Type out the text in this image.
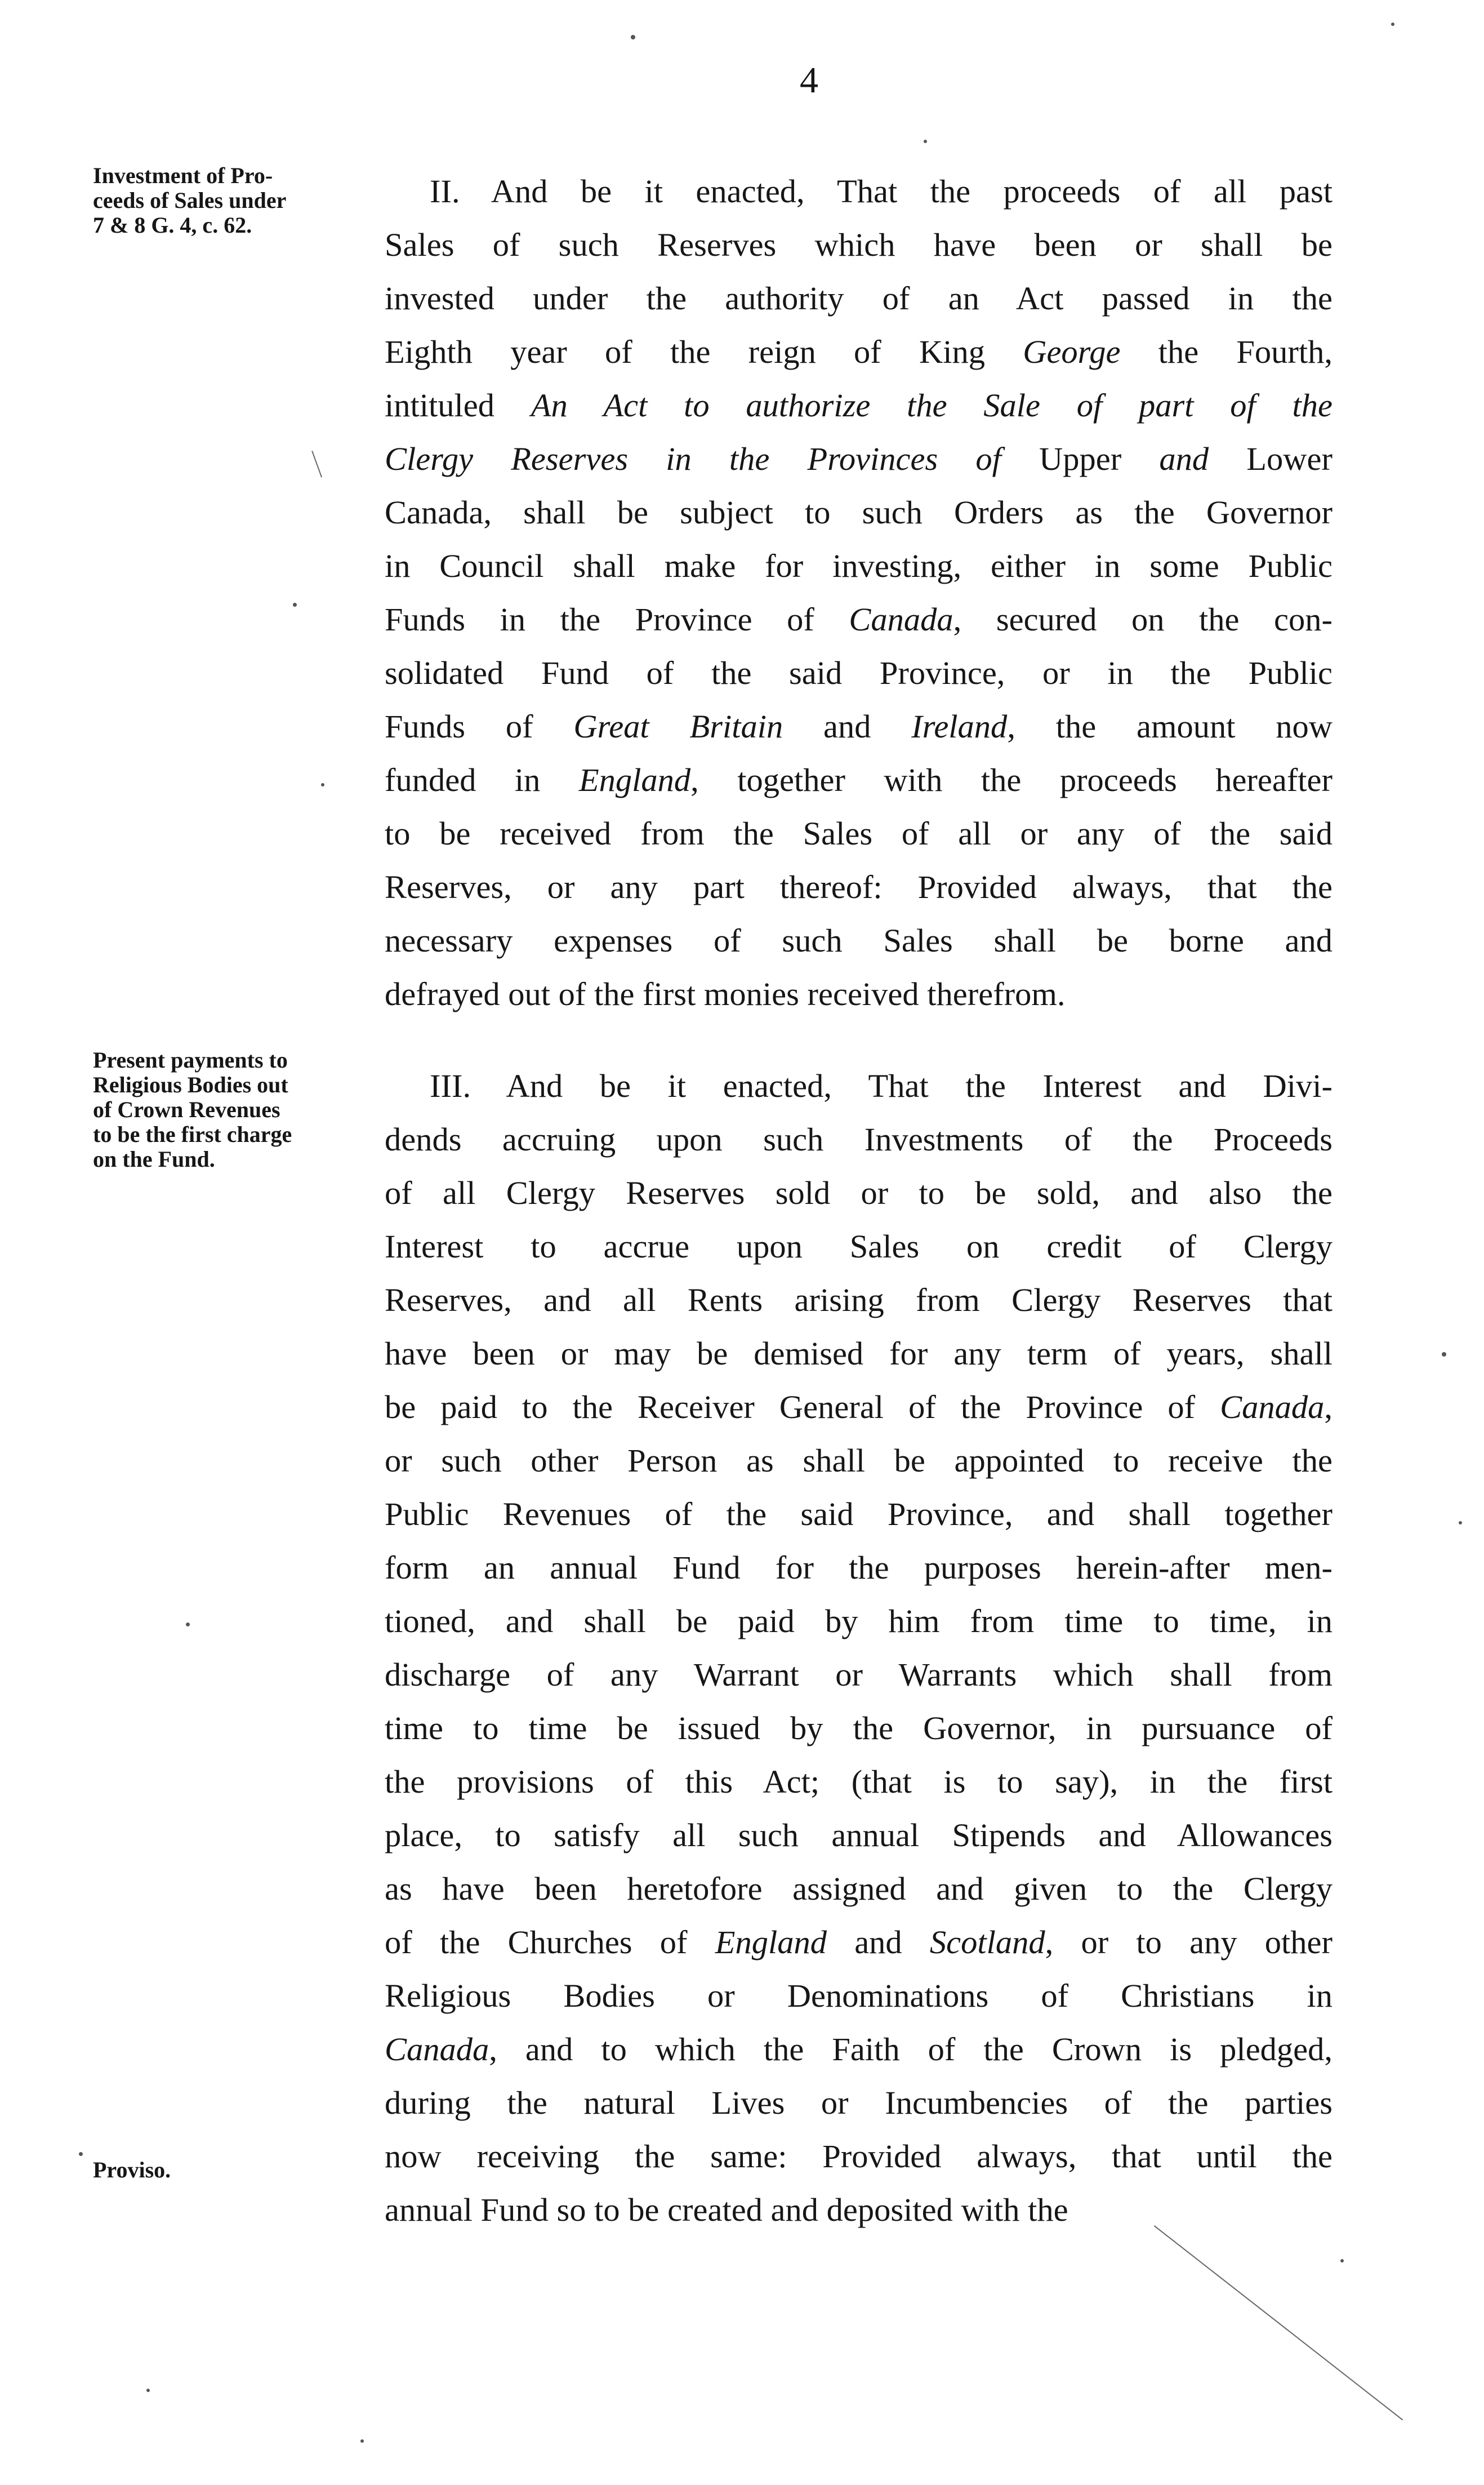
4
Investment of Pro-
ceeds of Sales under
7 & 8 G. 4, c. 62.
Present payments to
Religious Bodies out
of Crown Revenues
to be the first charge
on the Fund.
Proviso.
II. And be it enacted, That the proceeds of all past
Sales of such Reserves which have been or shall be
invested under the authority of an Act passed in the
Eighth year of the reign of King George the Fourth,
intituled An Act to authorize the Sale of part of the
Clergy Reserves in the Provinces of Upper and Lower
Canada, shall be subject to such Orders as the Governor
in Council shall make for investing, either in some Public
Funds in the Province of Canada, secured on the con-
solidated Fund of the said Province, or in the Public
Funds of Great Britain and Ireland, the amount now
funded in England, together with the proceeds hereafter
to be received from the Sales of all or any of the said
Reserves, or any part thereof: Provided always, that the
necessary expenses of such Sales shall be borne and
defrayed out of the first monies received therefrom.
III. And be it enacted, That the Interest and Divi-
dends accruing upon such Investments of the Proceeds
of all Clergy Reserves sold or to be sold, and also the
Interest to accrue upon Sales on credit of Clergy
Reserves, and all Rents arising from Clergy Reserves that
have been or may be demised for any term of years, shall
be paid to the Receiver General of the Province of Canada,
or such other Person as shall be appointed to receive the
Public Revenues of the said Province, and shall together
form an annual Fund for the purposes herein-after men-
tioned, and shall be paid by him from time to time, in
discharge of any Warrant or Warrants which shall from
time to time be issued by the Governor, in pursuance of
the provisions of this Act; (that is to say), in the first
place, to satisfy all such annual Stipends and Allowances
as have been heretofore assigned and given to the Clergy
of the Churches of England and Scotland, or to any other
Religious Bodies or Denominations of Christians in
Canada, and to which the Faith of the Crown is pledged,
during the natural Lives or Incumbencies of the parties
now receiving the same: Provided always, that until the
annual Fund so to be created and deposited with the
